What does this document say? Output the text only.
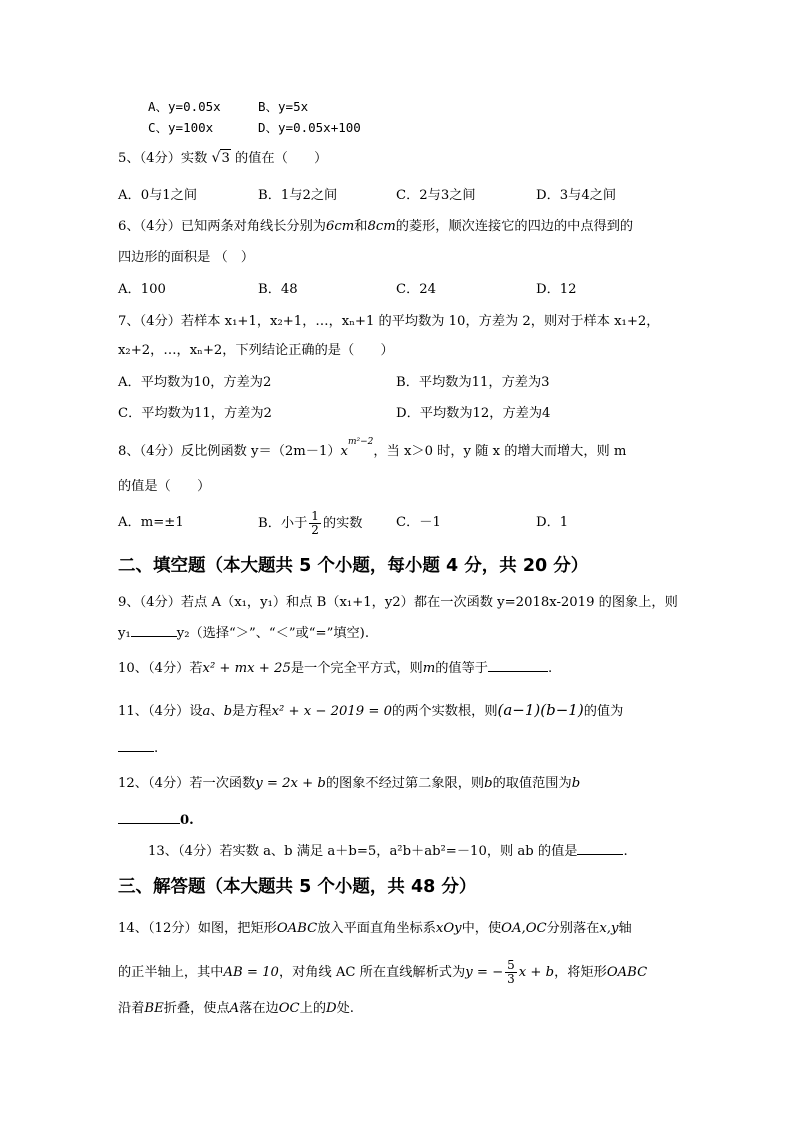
A、y=0.05x	B、y=5x
C、y=100x	D、y=0.05x+100
5、（4分）实数 √3 的值在（　　）
A．0与1之间	B．1与2之间	C．2与3之间	D．3与4之间
6、（4分）已知两条对角线长分别为6cm和8cm的菱形，顺次连接它的四边的中点得到的
四边形的面积是 （　）
A．100	B．48	C．24	D．12
7、（4分）若样本 x₁+1，x₂+1，…，xₙ+1 的平均数为 10，方差为 2，则对于样本 x₁+2，
x₂+2，…，xₙ+2，下列结论正确的是（　　）
A．平均数为10，方差为2	B．平均数为11，方差为3
C．平均数为11，方差为2	D．平均数为12，方差为4
8、（4分）反比例函数 $y=(2m-1)x^{m^2-2}$，当 x＞0 时，y 随 x 的增大而增大，则 m
的值是（　　）
A．m=±1	B．小于 $\frac{1}{2}$ 的实数	C．－1	D．1
二、填空题（本大题共 5 个小题，每小题 4 分，共 20 分）
9、（4分）若点 A（x₁，y₁）和点 B（x₁+1，y2）都在一次函数 y=2018x-2019 的图象上，则
y₁	y₂（选择“＞”、“＜”或“=”填空).
10、（4分）若x² + mx + 25是一个完全平方式，则m的值等于	.
11、（4分）设a、b是方程x² + x − 2019 = 0的两个实数根，则(a−1)(b−1)的值为
.
12、（4分）若一次函数y = 2x + b的图象不经过第二象限，则b的取值范围为b
0.
13、（4分）若实数 a、b 满足 a＋b=5，a²b＋ab²=－10，则 ab 的值是	.
三、解答题（本大题共 5 个小题，共 48 分）
14、（12分）如图，把矩形OABC放入平面直角坐标系xOy中，使OA,OC分别落在x,y轴
的正半轴上，其中AB = 10，对角线 AC 所在直线解析式为y = − $\frac{5}{3}$ x + b，将矩形OABC
沿着BE折叠，使点A落在边OC上的D处.
